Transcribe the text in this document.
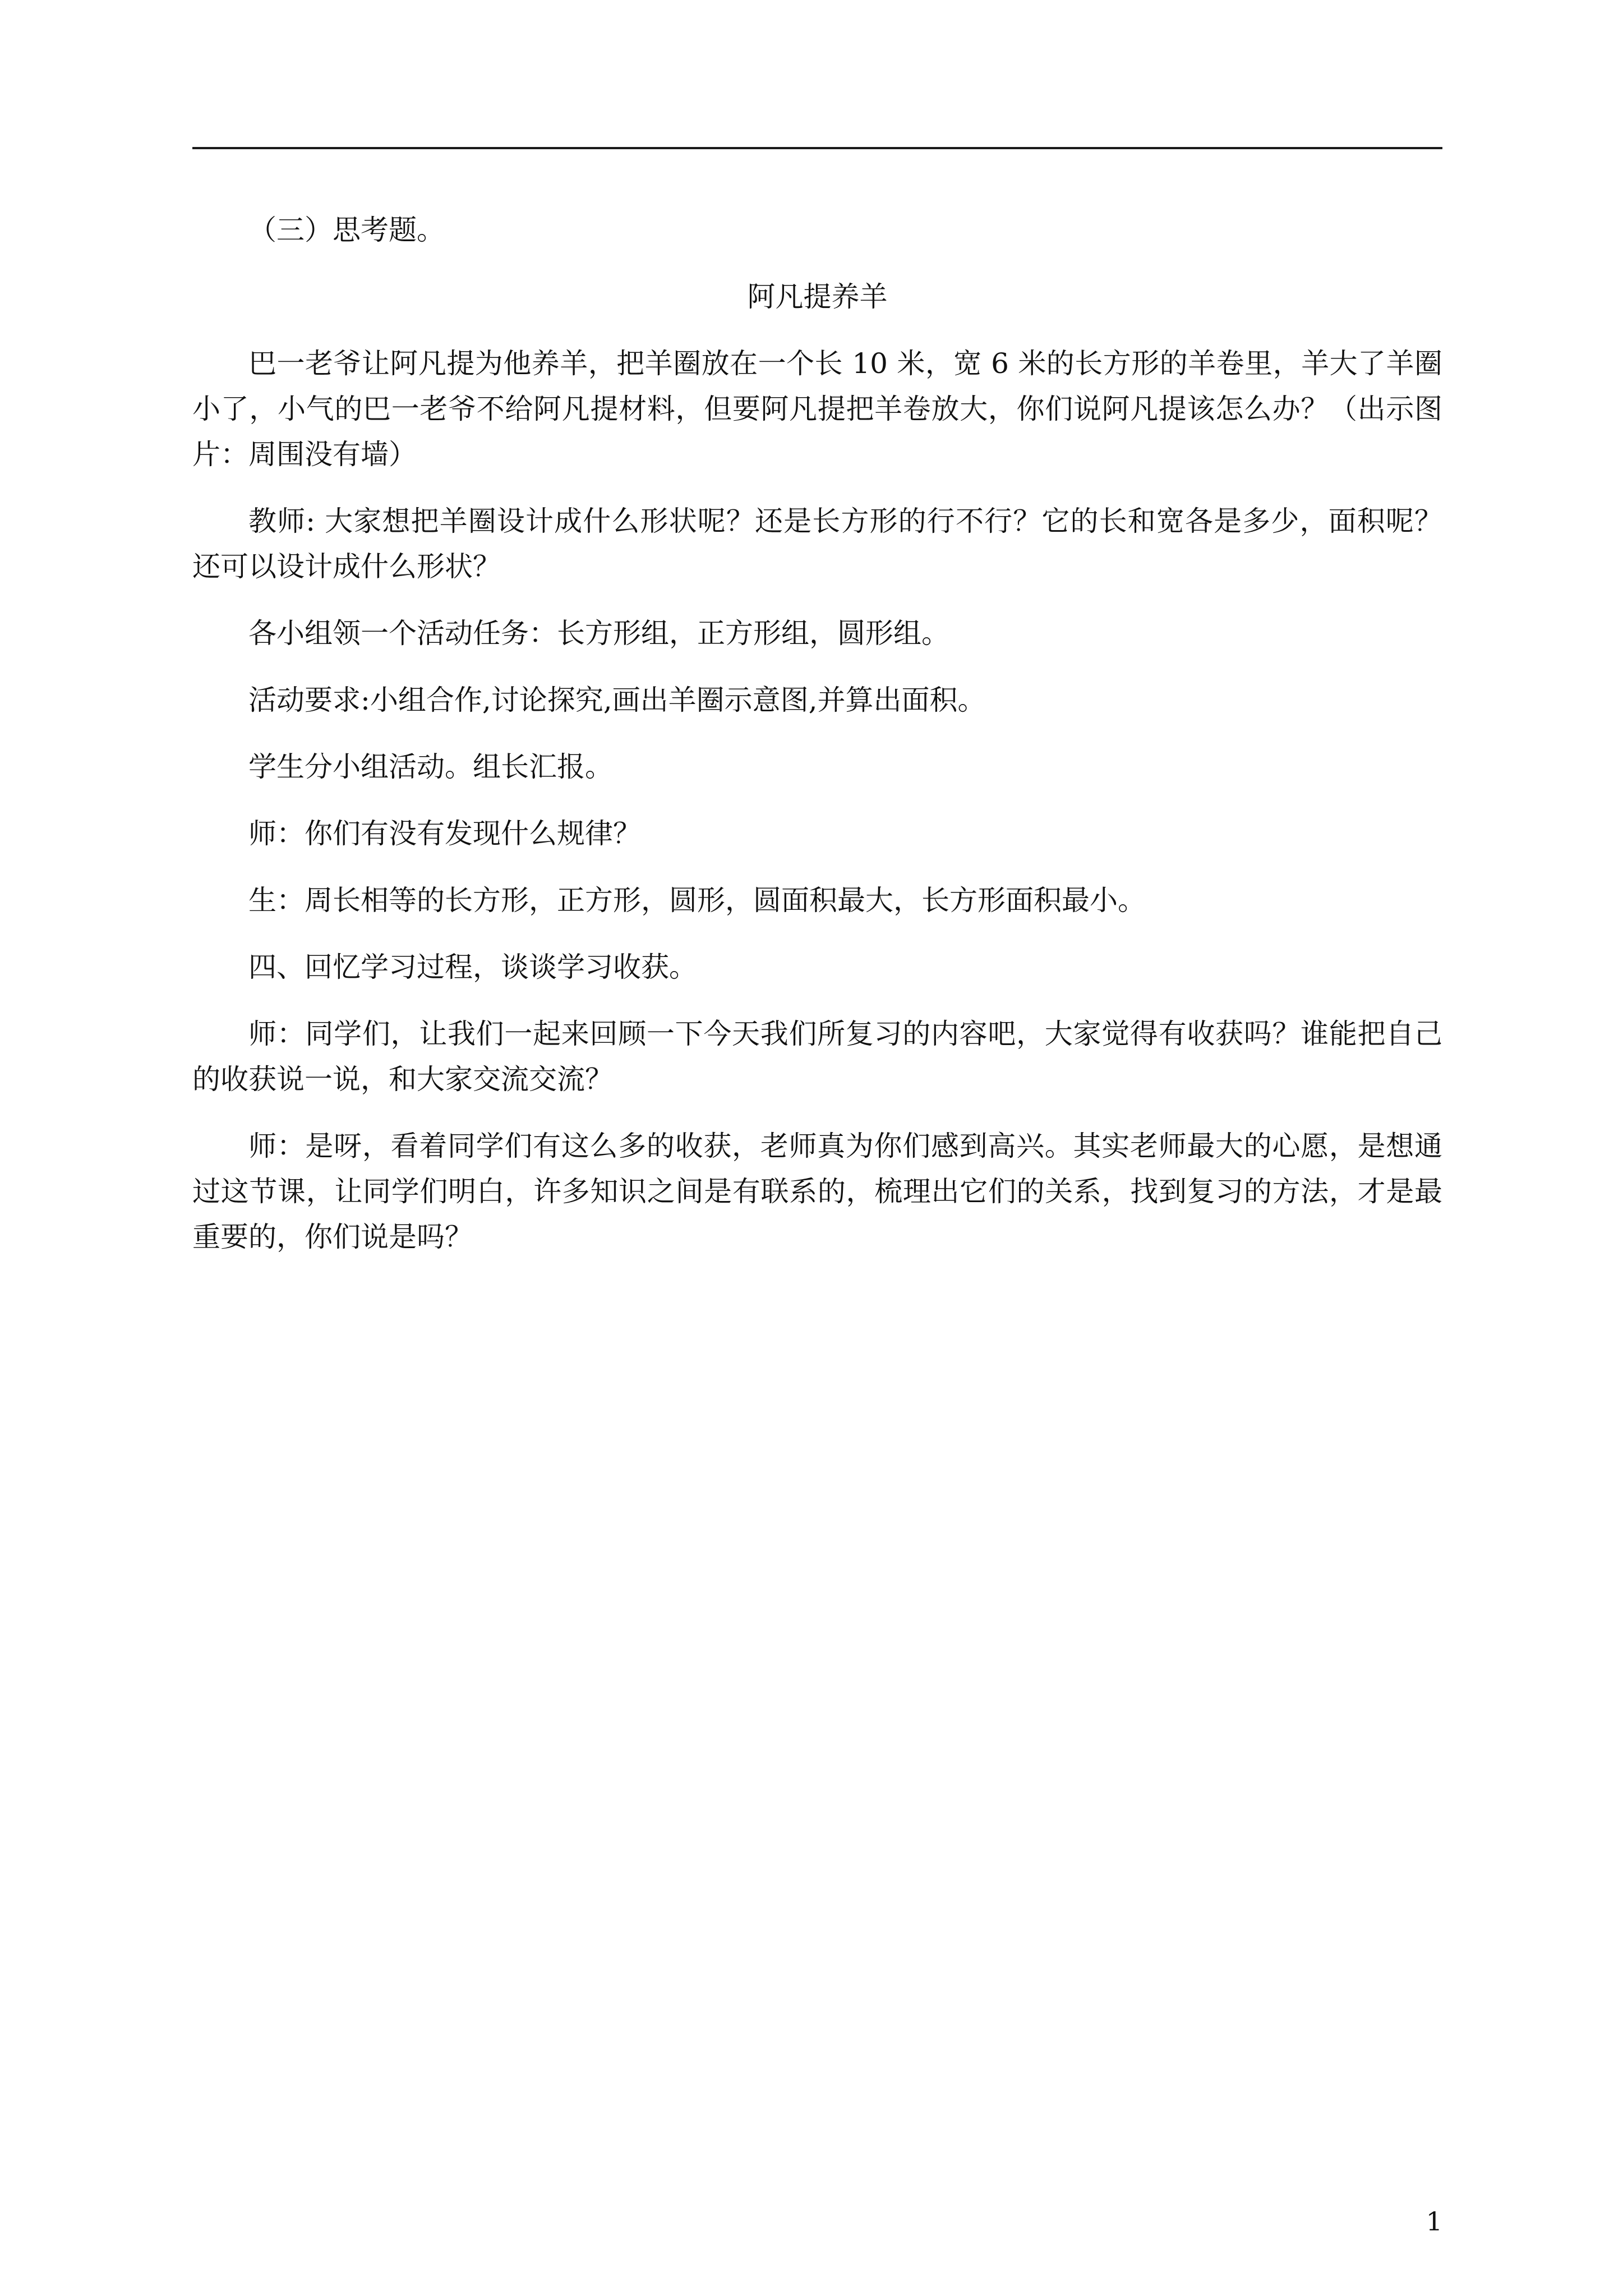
（三）思考题。

阿凡提养羊

巴一老爷让阿凡提为他养羊，把羊圈放在一个长 10 米，宽 6 米的长方形的羊卷里，羊大了羊圈小了，小气的巴一老爷不给阿凡提材料，但要阿凡提把羊卷放大，你们说阿凡提该怎么办？（出示图片：周围没有墙）

教师: 大家想把羊圈设计成什么形状呢？还是长方形的行不行？它的长和宽各是多少，面积呢？还可以设计成什么形状？

各小组领一个活动任务：长方形组，正方形组，圆形组。

活动要求:小组合作,讨论探究,画出羊圈示意图,并算出面积。

学生分小组活动。组长汇报。

师：你们有没有发现什么规律？

生：周长相等的长方形，正方形，圆形，圆面积最大，长方形面积最小。

四、回忆学习过程，谈谈学习收获。

师：同学们，让我们一起来回顾一下今天我们所复习的内容吧，大家觉得有收获吗？谁能把自己的收获说一说，和大家交流交流？

师：是呀，看着同学们有这么多的收获，老师真为你们感到高兴。其实老师最大的心愿，是想通过这节课，让同学们明白，许多知识之间是有联系的，梳理出它们的关系，找到复习的方法，才是最重要的，你们说是吗？

1
